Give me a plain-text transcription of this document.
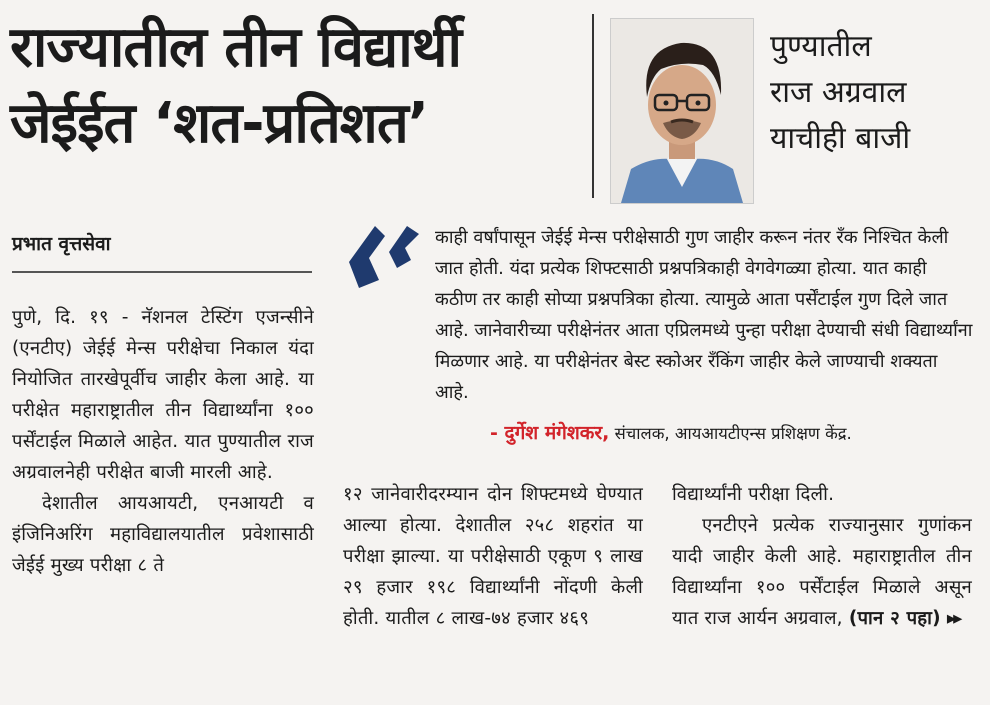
राज्यातील तीन विद्यार्थी
जेईईत ‘शत-प्रतिशत’
पुण्यातील
राज अग्रवाल
याचीही बाजी
प्रभात वृत्तसेवा

पुणे, दि. १९ - नॅशनल टेस्टिंग एजन्सीने (एनटीए) जेईई मेन्स परीक्षेचा निकाल यंदा नियोजित तारखेपूर्वीच जाहीर केला आहे. या परीक्षेत महाराष्ट्रातील तीन विद्यार्थ्यांना १०० पर्सेंटाईल मिळाले आहेत. यात पुण्यातील राज अग्रवालनेही परीक्षेत बाजी मारली आहे.

देशातील आयआयटी, एनआयटी व इंजिनिअरिंग महाविद्यालयातील प्रवेशासाठी जेईई मुख्य परीक्षा ८ ते

काही वर्षांपासून जेईई मेन्स परीक्षेसाठी गुण जाहीर करून नंतर रँक निश्चित केली जात होती. यंदा प्रत्येक शिफ्टसाठी प्रश्नपत्रिकाही वेगवेगळ्या होत्या. यात काही कठीण तर काही सोप्या प्रश्नपत्रिका होत्या. त्यामुळे आता पर्सेंटाईल गुण दिले जात आहे. जानेवारीच्या परीक्षेनंतर आता एप्रिलमध्ये पुन्हा परीक्षा देण्याची संधी विद्यार्थ्यांना मिळणार आहे. या परीक्षेनंतर बेस्ट स्कोअर रँकिंग जाहीर केले जाण्याची शक्यता आहे.
- दुर्गेश मंगेशकर, संचालक, आयआयटीएन्स प्रशिक्षण केंद्र.
१२ जानेवारीदरम्यान दोन शिफ्टमध्ये घेण्यात आल्या होत्या. देशातील २५८ शहरांत या परीक्षा झाल्या. या परीक्षेसाठी एकूण ९ लाख २९ हजार १९८ विद्यार्थ्यांनी नोंदणी केली होती. यातील ८ लाख-७४ हजार ४६९

विद्यार्थ्यांनी परीक्षा दिली.

एनटीएने प्रत्येक राज्यानुसार गुणांकन यादी जाहीर केली आहे. महाराष्ट्रातील तीन विद्यार्थ्यांना १०० पर्सेंटाईल मिळाले असून यात राज आर्यन अग्रवाल, (पान २ पहा) ▸▸
